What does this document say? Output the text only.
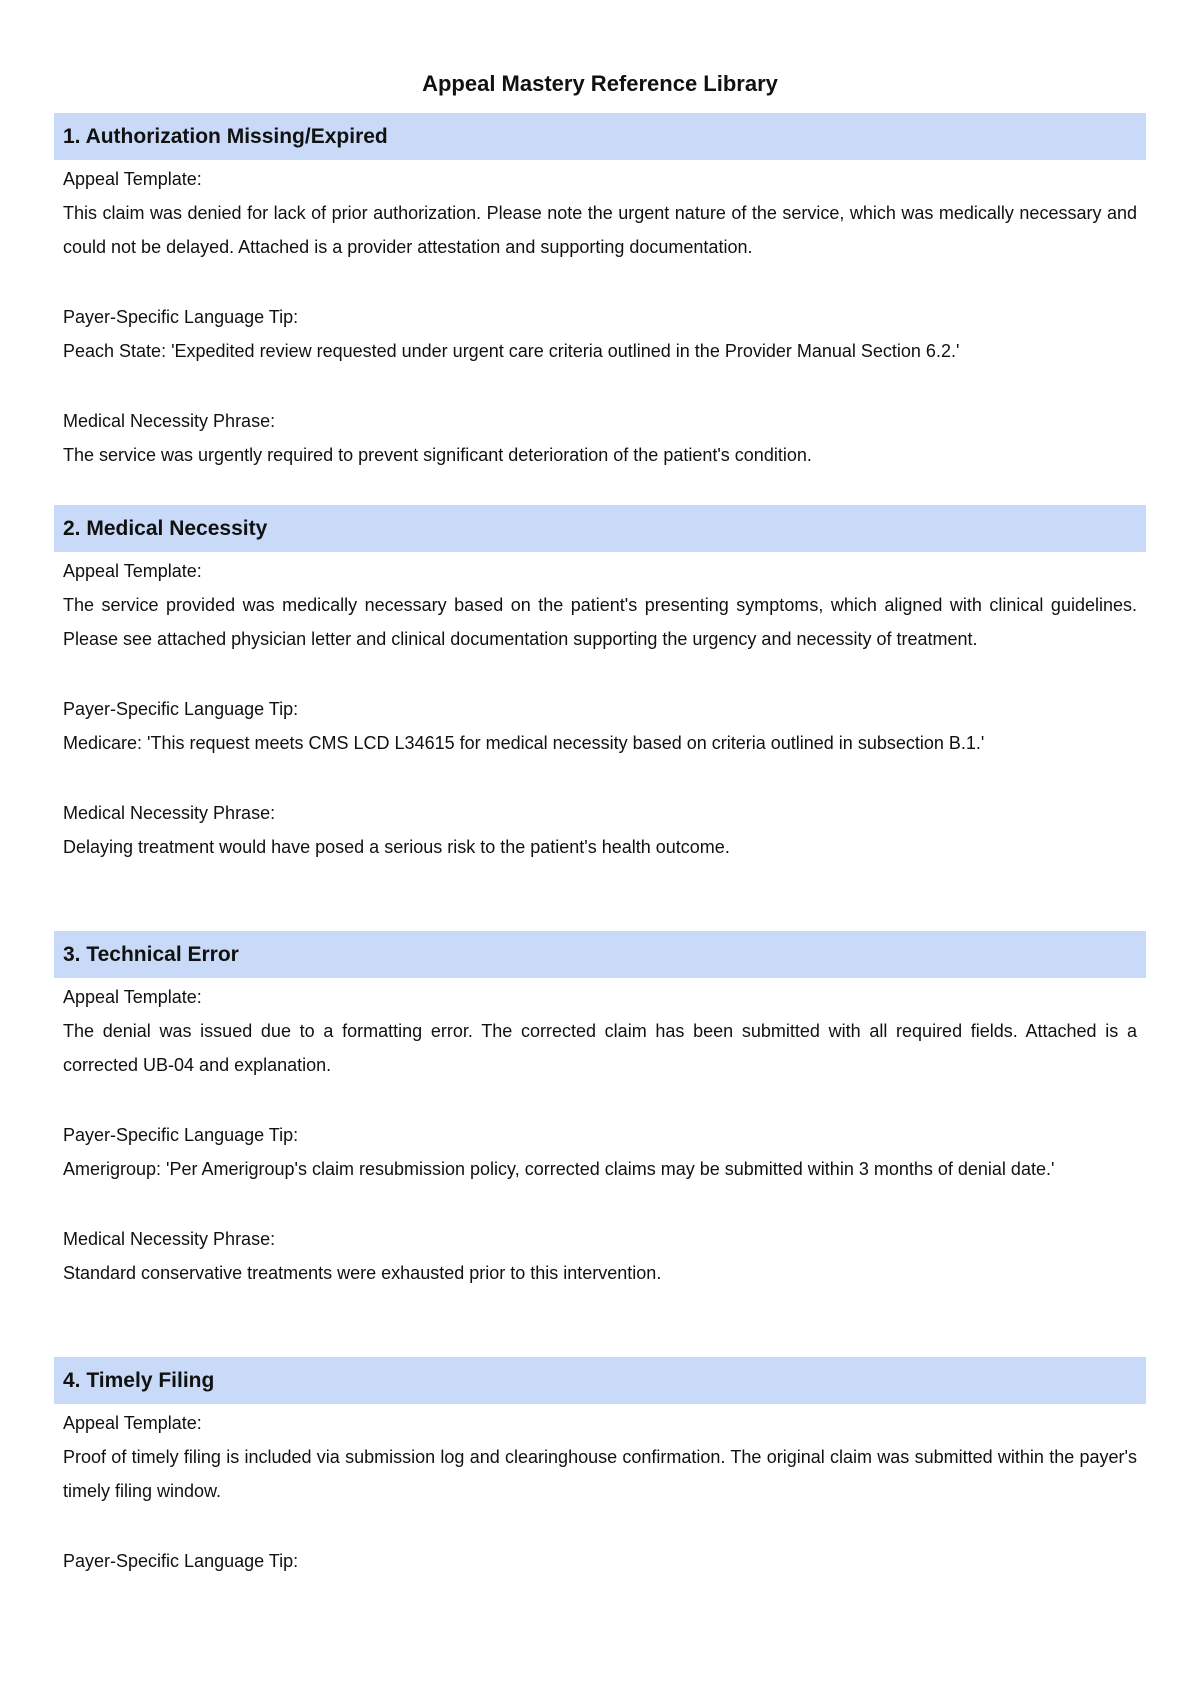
Appeal Mastery Reference Library
1. Authorization Missing/Expired
Appeal Template:
This claim was denied for lack of prior authorization. Please note the urgent nature of the service, which was medically necessary and could not be delayed. Attached is a provider attestation and supporting documentation.
Payer-Specific Language Tip:
Peach State: 'Expedited review requested under urgent care criteria outlined in the Provider Manual Section 6.2.'
Medical Necessity Phrase:
The service was urgently required to prevent significant deterioration of the patient's condition.
2. Medical Necessity
Appeal Template:
The service provided was medically necessary based on the patient's presenting symptoms, which aligned with clinical guidelines. Please see attached physician letter and clinical documentation supporting the urgency and necessity of treatment.
Payer-Specific Language Tip:
Medicare: 'This request meets CMS LCD L34615 for medical necessity based on criteria outlined in subsection B.1.'
Medical Necessity Phrase:
Delaying treatment would have posed a serious risk to the patient's health outcome.
3. Technical Error
Appeal Template:
The denial was issued due to a formatting error. The corrected claim has been submitted with all required fields. Attached is a corrected UB-04 and explanation.
Payer-Specific Language Tip:
Amerigroup: 'Per Amerigroup's claim resubmission policy, corrected claims may be submitted within 3 months of denial date.'
Medical Necessity Phrase:
Standard conservative treatments were exhausted prior to this intervention.
4. Timely Filing
Appeal Template:
Proof of timely filing is included via submission log and clearinghouse confirmation. The original claim was submitted within the payer's timely filing window.
Payer-Specific Language Tip:
